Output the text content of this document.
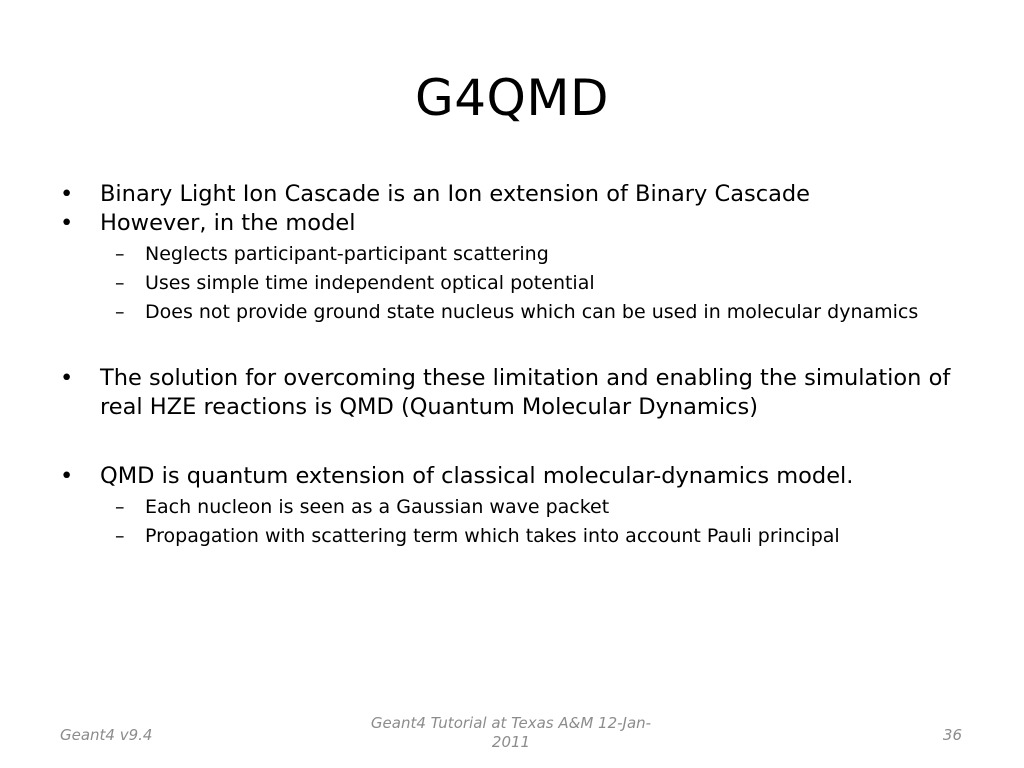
G4QMD

• Binary Light Ion Cascade is an Ion extension of Binary Cascade

• However, in the model

– Neglects participant-participant scattering

– Uses simple time independent optical potential

– Does not provide ground state nucleus which can be used in molecular dynamics

• The solution for overcoming these limitation and enabling the simulation of real HZE reactions is QMD (Quantum Molecular Dynamics)

• QMD is quantum extension of classical molecular-dynamics model.

– Each nucleon is seen as a Gaussian wave packet

– Propagation with scattering term which takes into account Pauli principal

Geant4 v9.4
Geant4 Tutorial at Texas A&M 12-Jan-2011	36
